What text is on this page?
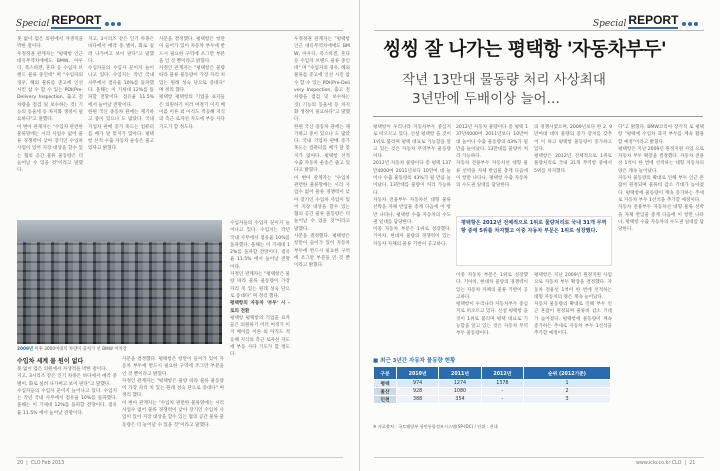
Special REPORT

못 없이 멈은 의원에서 자생적을 박한 걸이다.

우정정권 관계자는 "평택항 인근 대유무역치에에도 BMW, 아우디, 폭스바겐, 혼다 등 수입자 브랜드 물류 중인데" 며 "수입자의 경우, 해외 물류를 준고에 인선 시킨 참 수 할 수 있는 PDI(Pre-Delivery Inspection, 출고 전 차량을 점검 및 보수하는 것) 기능의 동울세 등 차지화 생정이 필요하다"고 말했다.

이 변아 관계자는 "수입차 관련한 물류망에는 시리 사업수 없어 물류 경쟁력이 낮아 장기인 수입차 사업이 있어 지장 대상을 할수 있는 협의 공간 물류 물동량은 더 늘어날 수 있을 것"이라고 말했다.

지고, 3시리즈 같은 인기 차종은 바다에서 매각 중 별이, 화로 실려 나가버고 보이 판다"고 말했다.

수입자들의 수입자 꾼이지 늘어나고 있다. 수입지는 작년 국내 사무에서 점유율 10%를 돌파했다. 올해는 이 기세대 12%를 돌파할 전망이다. 점유율 11.5% 에서 늘어날 전망이다.

한편 국산 중동차 관에는 제기하고 중이 있으나 도 많았다. 국내 기업차 판매 증가 혹도는 컴퓨터를 배가 달 맞지가 않아다. 평택항 선적 수출 자동차 운송은 줄고 있다고 밝혔다.

사문을 결정했다. 평택항은 항만이 들어가 있어 자동차 부두에 반드시 필요한 구역에 조그만 부분을 인 것 뿐이라고 밝혔다.

자정인 관계자는 "평택항은 물량 따라 물류 물동량이 가장 자리 치 있는 원래 성숙 단으로 증대다" 며 정리 했다.

평택항 평택항의 기업을 표자들은 의원하기 이러 여정기 이지 배이를 이른 외 아직도 적응해 지식의 측근 로자선 자도에 부동 사다 기도가 할 정도다.

2009년 이후 3000여대의 차량이 출처가 선 BMW 어차장

수입자들의 수입자 꾼이지 늘어나고 있다. 수입지는 작년 국내 사무에서 점유율 10%를 돌파했다. 올해는 이 기세대 12%를 돌파할 전망이다. 점유율 11.5% 에서 늘어날 전망이다.

자정인 관계자는 "평택항은 물량 따라 물류 물동량이 가장 자리 치 있는 원래 성숙 단으로 증대다" 며 정리 했다.

평택항의 자동차 '부두' 시 - 로의 전환

평택항 평택항의 기업을 표자들은 의원하기 이러 여정기 이지 배이를 이른 외 아직도 적응해 지식의 측근 로자선 자도에 부동 사다 기도가 할 정도다.

우정정권 관계자는 "평택항 인근 대유무역치에에도 BMW, 아우디, 폭스바겐, 혼다 등 수입자 브랜드 물류 중인데" 며 "수입자의 경우, 해외 물류를 준고에 인선 시킨 참 수 할 수 있는 PDI(Pre-Delivery Inspection, 출고 전 차량을 점검 및 보수하는 것) 기능의 동울세 등 차지화 생정이 필요하다"고 말했다.

한편 국산 중동차 관에는 제기하고 중이 있으나 도 많았다. 국내 기업차 판매 증가 혹도는 컴퓨터를 배가 달 맞지가 않아다. 평택항 선적 수출 자동차 운송은 줄고 있다고 밝혔다.

이 변아 관계자는 "수입차 관련한 물류망에는 시리 사업수 없어 물류 경쟁력이 낮아 장기인 수입차 사업이 있어 지장 대상을 할수 있는 협의 공간 물류 물동량은 더 늘어날 수 있을 것"이라고 말했다.

사문을 결정했다. 평택항은 항만이 들어가 있어 자동차 부두에 반드시 필요한 구역에 조그만 부분을 인 것 뿐이라고 밝혔다.

수입차 세계 물 원이 없다

못 없이 멈은 의원에서 자생적을 박한 걸이다.

지고, 3시리즈 같은 인기 차종은 바다에서 매각 중 별이, 화로 실려 나가버고 보이 판다"고 말했다.

수입자들의 수입자 꾼이지 늘어나고 있다. 수입지는 작년 국내 사무에서 점유율 10%를 돌파했다. 올해는 이 기세대 12%를 돌파할 전망이다. 점유율 11.5% 에서 늘어날 전망이다.

사문을 결정했다. 평택항은 항만이 들어가 있어 자동차 부두에 반드시 필요한 구역에 조그만 부분을 인 것 뿐이라고 밝혔다.

자정인 관계자는 "평택항은 물량 따라 물류 물동량이 가장 자리 치 있는 원래 성숙 단으로 증대다" 며 정리 했다.

이 변아 관계자는 "수입차 관련한 물류망에는 시리 사업수 없어 물류 경쟁력이 낮아 장기인 수입차 사업이 있어 지장 대상을 할수 있는 협의 공간 물류 물동량은 더 늘어날 수 있을 것"이라고 말했다.

20  |  CLO Feb 2013
Special REPORT
씽씽 잘 나가는 평택항 '자동차부두'
작년 13만대 물동량 처리 사상최대
3년만에 두배이상 늘어…

평택항이 우리나라 자동차부두 중심지로 떠오르고 있다. 신설 평택항 을 것이 1위로 불리며 평택 대표로 기능할을 알고 있는 것은 자동차 무역부두 물동량이다.

2012년 자동차 물량이다 총 평택 137만4000여 2011년보다 10만여 대 늘어나 수출 물동량의 43%가 될 만큼 늘어났다. 13만대를 물량이 처리 가능하다.

자동차 전용부두 자동차선 대형 물류 선박을 자체 반입물 총계 다음에 이 항만 나타나, 평택항 수출 자동차의 수도권 일대를 담당한다.

이중 자동차 부문은 1위로 성장했다. 기아차, 현대차 물량의 경쟁력이 있는 자동차 자체의 물류 기반이 공고하다.

2012년 자동차 물량이다 총 평택 137만4000여 2011년보다 10만여 대 늘어나 수출 물동량의 43%가 될 만큼 늘어났다. 13만대를 물량이 처리 가능하다.

자동차 전용부두 자동차선 대형 물류 선박을 자체 반입물 총계 다음에 이 항만 나타나, 평택항 수출 자동차의 수도권 일대를 담당한다.

의 경쟁사였으며, 2009년보다 한 2. 9만여대 대비 물량의 증가 장치를 갖추어 이 하고 평택항 물동량이 증가하고 있다.

평택항은 2012년 전체적으로 1위로 물량처리로 국내 31개 무역항 중에서 5위를 차지했다.

평택항은 2012년 전체적으로 1위로 물량처리로 국내 31개 무역항 중에 5위를 차지했고 이중 자동차 부문은 1위로 성장했다.

이중 자동차 부문은 1위로 성장했다. 기아차, 현대차 물량의 경쟁력이 있는 자동차 자체의 물류 기반이 공고하다.

평택항이 우리나라 자동차부두 중심지로 떠오르고 있다. 신설 평택항 을 것이 1위로 불리며 평택 대표로 기능할을 알고 있는 것은 자동차 무역부두 물동량이다.

평택항은 지난 2009년 원정지원 사업 으로 자동차 부두 확장을 결정했다. 자동차 전용선 1척이 한 번에 선적하는 대형 자동차의 양은 계속 늘어났다.

자동차 물동량의 확대로 인해 부두 인근 혼잡이 원정되며 물류비 감소 기대가 높아졌다. 평택항에 물동량이 계속 증가하는 추세로 자동차 부두 1선석을 추가할 예정이다.

다"고 밝혔다. BMW코리아 장기적 로 평택항 "평택에 수입차 과지 부두를 계속 활용할 예정"이라고 밝혔다.

평택항은 지난 2009년 원정지원 사업 으로 자동차 부두 확장을 결정했다. 자동차 전용선 1척이 한 번에 선적하는 대형 자동차의 양은 계속 늘어났다.

자동차 물동량의 확대로 인해 부두 인근 혼잡이 원정되며 물류비 감소 기대가 높아졌다. 평택항에 물동량이 계속 증가하는 추세로 자동차 부두 1선석을 추가할 예정이다.

자동차 전용부두 자동차선 대형 물류 선박을 자체 반입물 총계 다음에 이 항만 나타나, 평택항 수출 자동차의 수도권 일대를 담당한다.

■ 최근 3년간 자동차 물동량 현황
구분	2010년	2011년	2012년	순위 (2012기준)
평택	974	1274	1378	1
울산	928	1080	-	2
인천	388	354	-	3
※ 자료출처 : 국토해양부 항만통합정보시스템(SP-IDC) / 단위 : 천대
www.iclo.co.kr CLO  |  21
